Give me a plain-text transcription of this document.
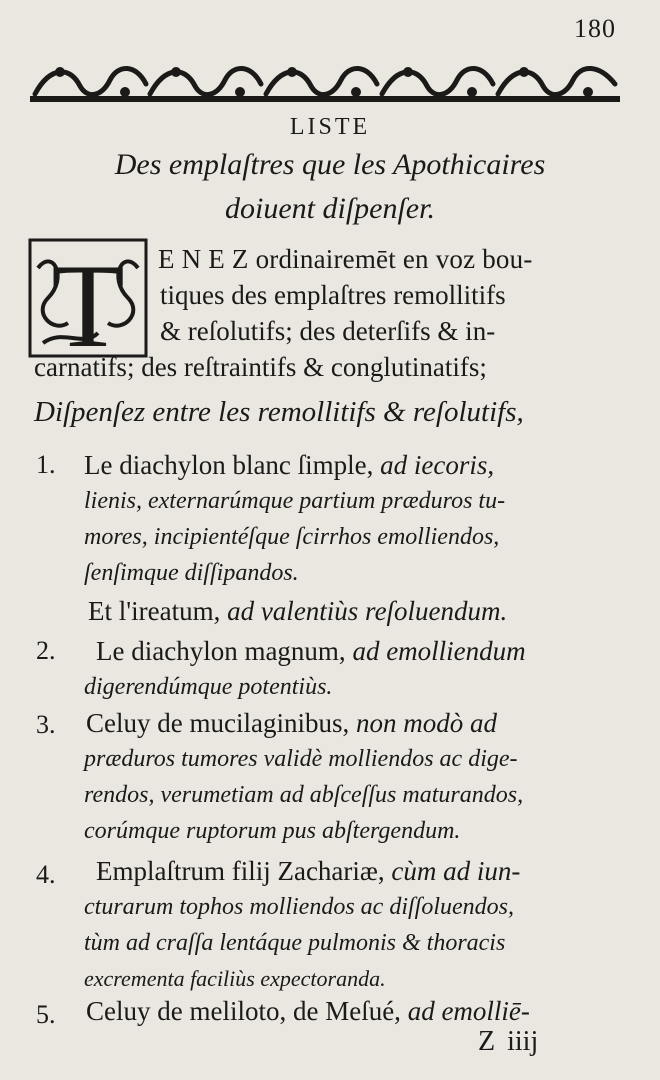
180
LISTE
Des emplaſtres que les Apothicaires
doiuent diſpenſer.
T E N E Z ordinairemēt en voz bou-
tiques des emplaſtres remollitifs
& reſolutifs; des deterſifs & in-
carnatifs; des reſtraintifs & conglutinatifs;
Diſpenſez entre les remollitifs & reſolutifs,
1. Le diachylon blanc ſimple, ad iecoris,
lienis, externarúmque partium præduros tu-
mores, incipientéſque ſcirrhos emolliendos,
ſenſimque diſſipandos.
Et l'ireatum, ad valentiùs reſoluendum.
2. Le diachylon magnum, ad emolliendum
digerendúmque potentiùs.
3. Celuy de mucilaginibus, non modò ad
præduros tumores validè molliendos ac dige-
rendos, verumetiam ad abſceſſus maturandos,
corúmque ruptorum pus abſtergendum.
4. Emplaſtrum filij Zachariæ, cùm ad iun-
cturarum tophos molliendos ac diſſoluendos,
tùm ad craſſa lentáque pulmonis & thoracis
excrementa faciliùs expectoranda.
5. Celuy de meliloto, de Meſué, ad emolliē-
Z iiij
